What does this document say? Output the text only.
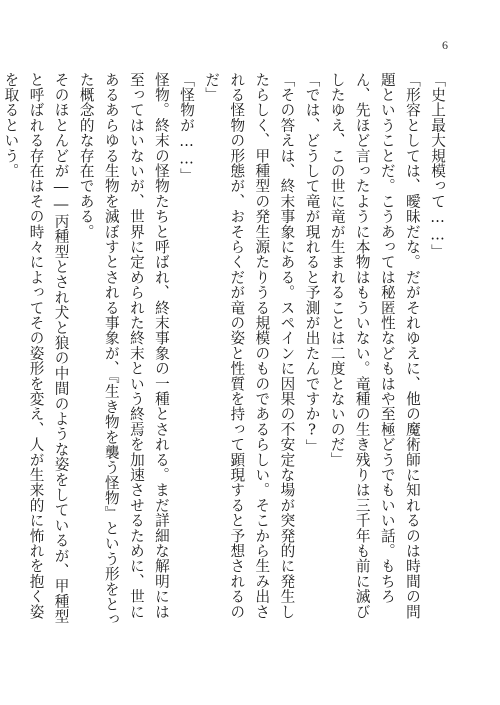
6

「史上最大規模って……」

「形容としては、曖昧だな。だがそれゆえに、他の魔術師に知れるのは時間の問題ということだ。こうあっては秘匿性などもはや至極どうでもいい話。もちろん、先ほど言ったように本物はもういない。竜種の生き残りは三千年も前に滅びしたゆえ、この世に竜が生まれることは二度とないのだ」

「では、どうして竜が現れると予測が出たんですか?」

「その答えは、終末事象にある。スペインに因果の不安定な場が突発的に発生したらしく、甲種型の発生源たりうる規模のものであるらしい。そこから生み出される怪物の形態が、おそらくだが竜の姿と性質を持って顕現すると予想されるのだ」

「怪物が……」

怪物。終末の怪物たちと呼ばれ、終末事象の一種とされる。まだ詳細な解明には至ってはいないが、世界に定められた終末という終焉を加速させるために、世にあるあらゆる生物を滅ぼすとされる事象が、『生き物を襲う怪物』という形をとった概念的な存在である。

そのほとんどが――丙種型とされ犬と狼の中間のような姿をしているが、甲種型と呼ばれる存在はその時々によってその姿形を変え、人が生来的に怖れを抱く姿を取るという。
